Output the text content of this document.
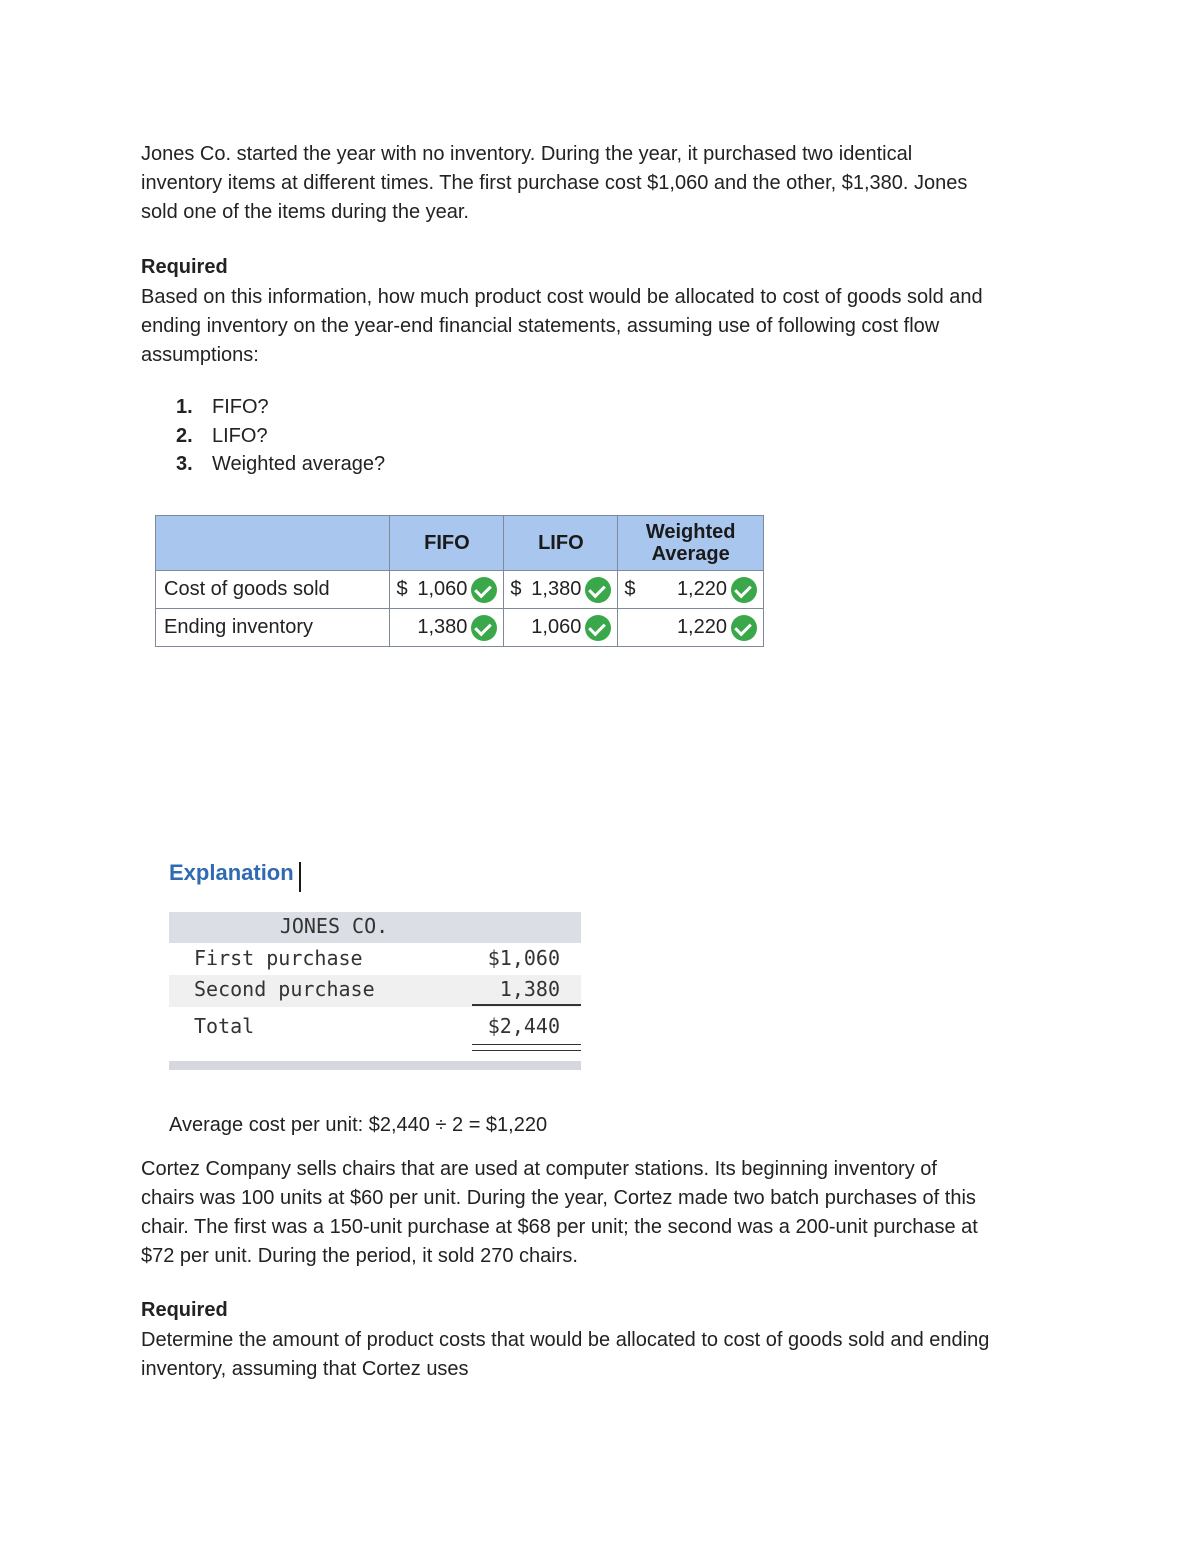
Jones Co. started the year with no inventory. During the year, it purchased two identical
inventory items at different times. The first purchase cost $1,060 and the other, $1,380. Jones
sold one of the items during the year.
Required
Based on this information, how much product cost would be allocated to cost of goods sold and
ending inventory on the year-end financial statements, assuming use of following cost flow
assumptions:
1. FIFO?
2. LIFO?
3. Weighted average?
	FIFO	LIFO	Weighted
Average

Cost of goods sold	$ 1,060	$ 1,380	$ 1,220

Ending inventory	1,380	1,060	1,220
Explanation
JONES CO.
First purchase	$1,060
Second purchase	1,380
Total	$2,440
Average cost per unit: $2,440 ÷ 2 = $1,220
Cortez Company sells chairs that are used at computer stations. Its beginning inventory of
chairs was 100 units at $60 per unit. During the year, Cortez made two batch purchases of this
chair. The first was a 150-unit purchase at $68 per unit; the second was a 200-unit purchase at
$72 per unit. During the period, it sold 270 chairs.
Required
Determine the amount of product costs that would be allocated to cost of goods sold and ending
inventory, assuming that Cortez uses
